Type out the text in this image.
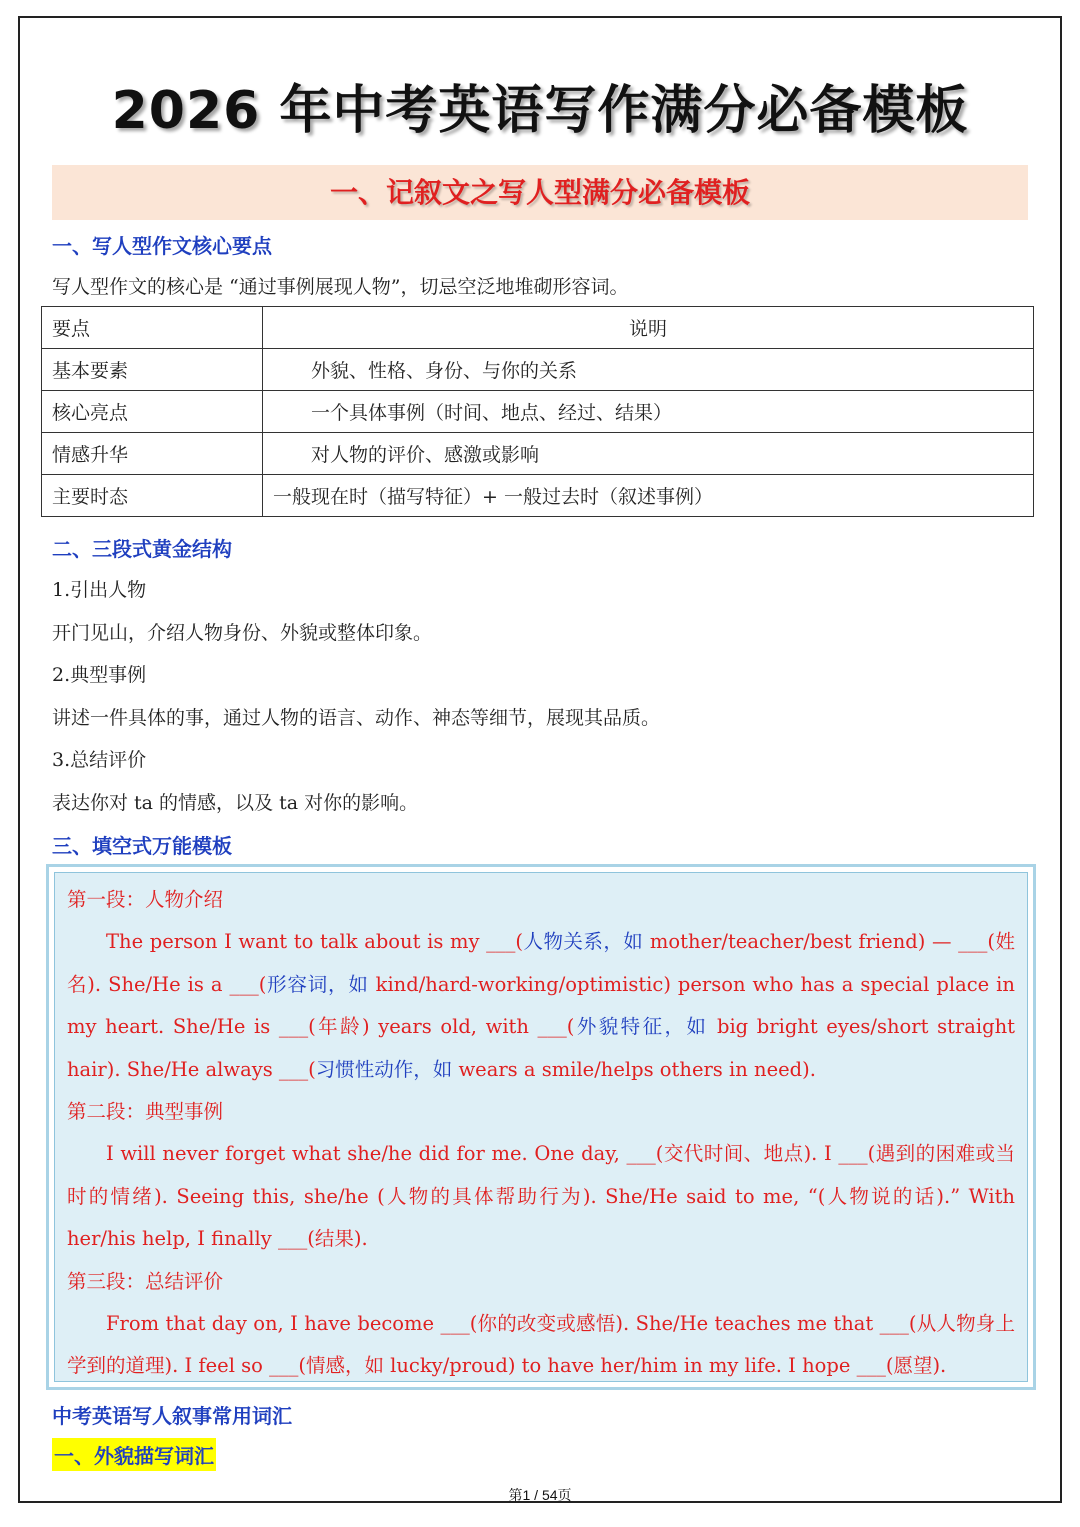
2026 年中考英语写作满分必备模板
一、记叙文之写人型满分必备模板
一、写人型作文核心要点
写人型作文的核心是 “通过事例展现人物”，切忌空泛地堆砌形容词。
要点	说明
基本要素	外貌、性格、身份、与你的关系
核心亮点	一个具体事例（时间、地点、经过、结果）
情感升华	对人物的评价、感激或影响
主要时态	一般现在时（描写特征）+ 一般过去时（叙述事例）
二、三段式黄金结构
1.引出人物
开门见山，介绍人物身份、外貌或整体印象。
2.典型事例
讲述一件具体的事，通过人物的语言、动作、神态等细节，展现其品质。
3.总结评价
表达你对 ta 的情感，以及 ta 对你的影响。
三、填空式万能模板
第一段：人物介绍

The person I want to talk about is my ___(人物关系，如 mother/teacher/best friend) — ___(姓名). She/He is a ___(形容词，如 kind/hard-working/optimistic) person who has a special place in my heart. She/He is ___(年龄) years old, with ___(外貌特征，如 big bright eyes/short straight hair). She/He always ___(习惯性动作，如 wears a smile/helps others in need).

第二段：典型事例

I will never forget what she/he did for me. One day, ___(交代时间、地点). I ___(遇到的困难或当时的情绪). Seeing this, she/he (人物的具体帮助行为). She/He said to me, “(人物说的话).” With her/his help, I finally ___(结果).

第三段：总结评价

From that day on, I have become ___(你的改变或感悟). She/He teaches me that ___(从人物身上学到的道理). I feel so ___(情感，如 lucky/proud) to have her/him in my life. I hope ___(愿望).

中考英语写人叙事常用词汇
一、外貌描写词汇
第1 / 54页
